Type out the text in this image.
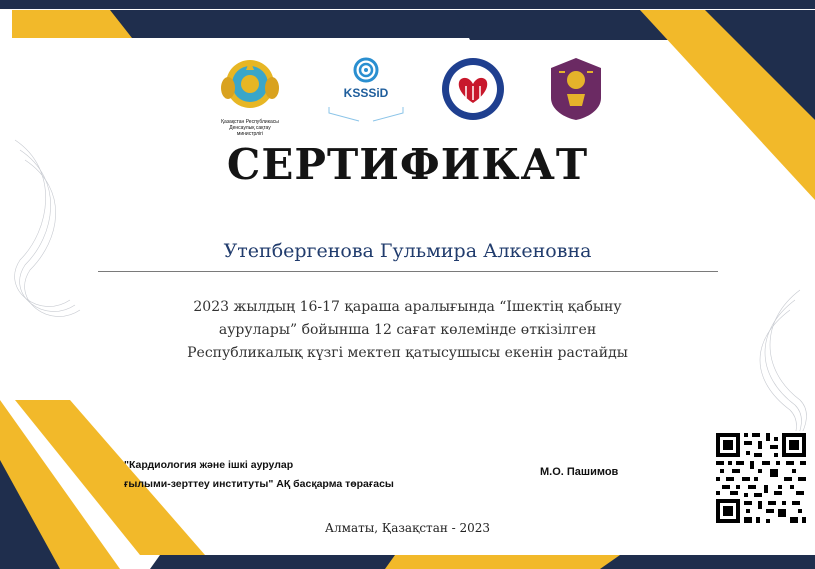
Қазақстан Республикасы
Денсаулық сақтау
министрлігі
KSSSiD
СЕРТИФИКАТ
Утепбергенова Гульмира Алкеновна
2023 жылдың 16-17 қараша аралығында “Ішектің қабыну
аурулары” бойынша 12 сағат көлемінде өткізілген
Республикалық күзгі мектеп қатысушысы екенін растайды
"Кардиология және ішкі аурулар
ғылыми-зерттеу институты" АҚ басқарма төрағасы
М.О. Пашимов
Алматы, Қазақстан - 2023
